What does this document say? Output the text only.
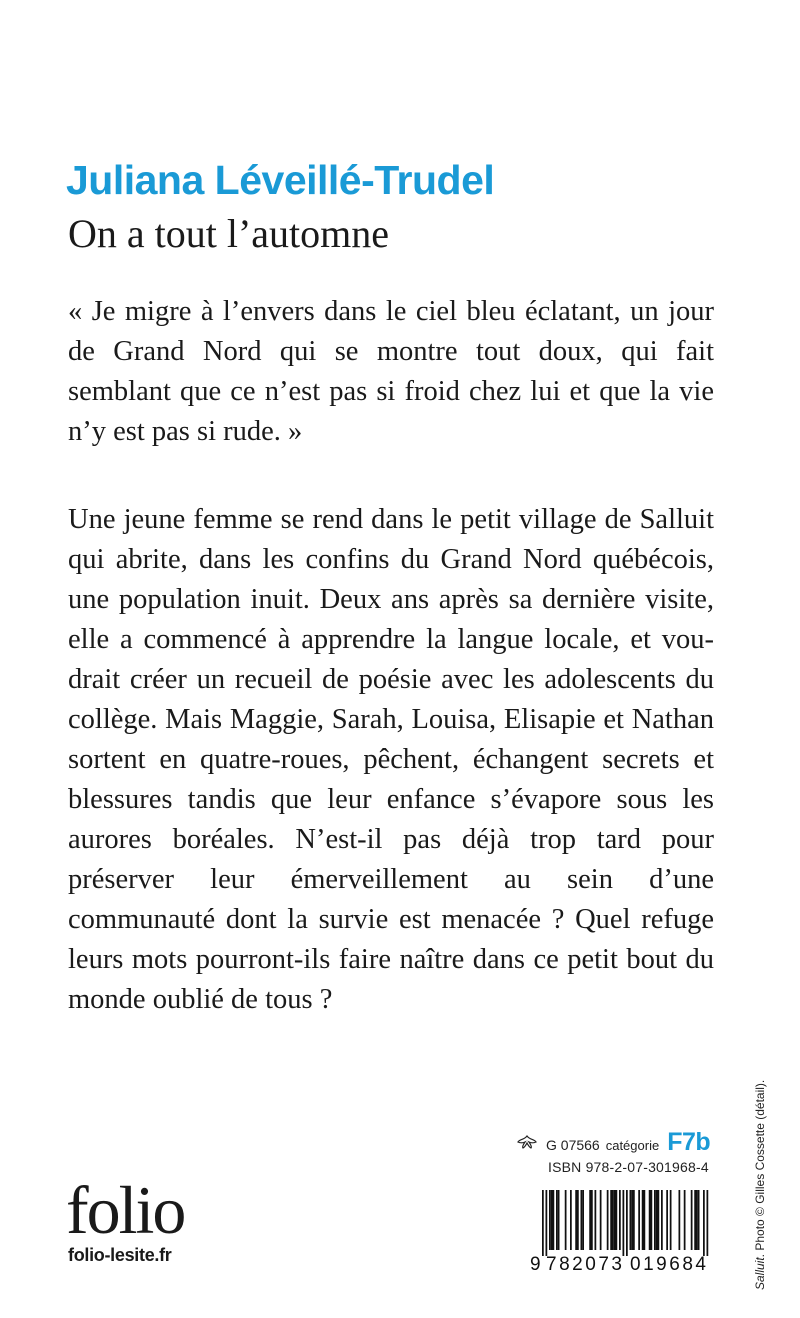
Juliana Léveillé-Trudel
On a tout l’automne
« Je migre à l’envers dans le ciel bleu éclatant, un jour de Grand Nord qui se montre tout doux, qui fait semblant que ce n’est pas si froid chez lui et que la vie n’y est pas si rude. »
Une jeune femme se rend dans le petit village de Salluit qui abrite, dans les confins du Grand Nord québécois, une population inuit. Deux ans après sa dernière visite, elle a commencé à apprendre la langue locale, et voudrait créer un recueil de poésie avec les adolescents du collège. Mais Maggie, Sarah, Louisa, Elisapie et Nathan sortent en quatre-roues, pêchent, échangent secrets et blessures tandis que leur enfance s’évapore sous les aurores boréales. N’est-il pas déjà trop tard pour préserver leur émerveillement au sein d’une communauté dont la survie est menacée ? Quel refuge leurs mots pourront-ils faire naître dans ce petit bout du monde oublié de tous ?
Salluit. Photo © Gilles Cossette (détail).
folio
folio-lesite.fr
G 07566 catégorie F7b
ISBN 978-2-07-301968-4
9 782073 019684
